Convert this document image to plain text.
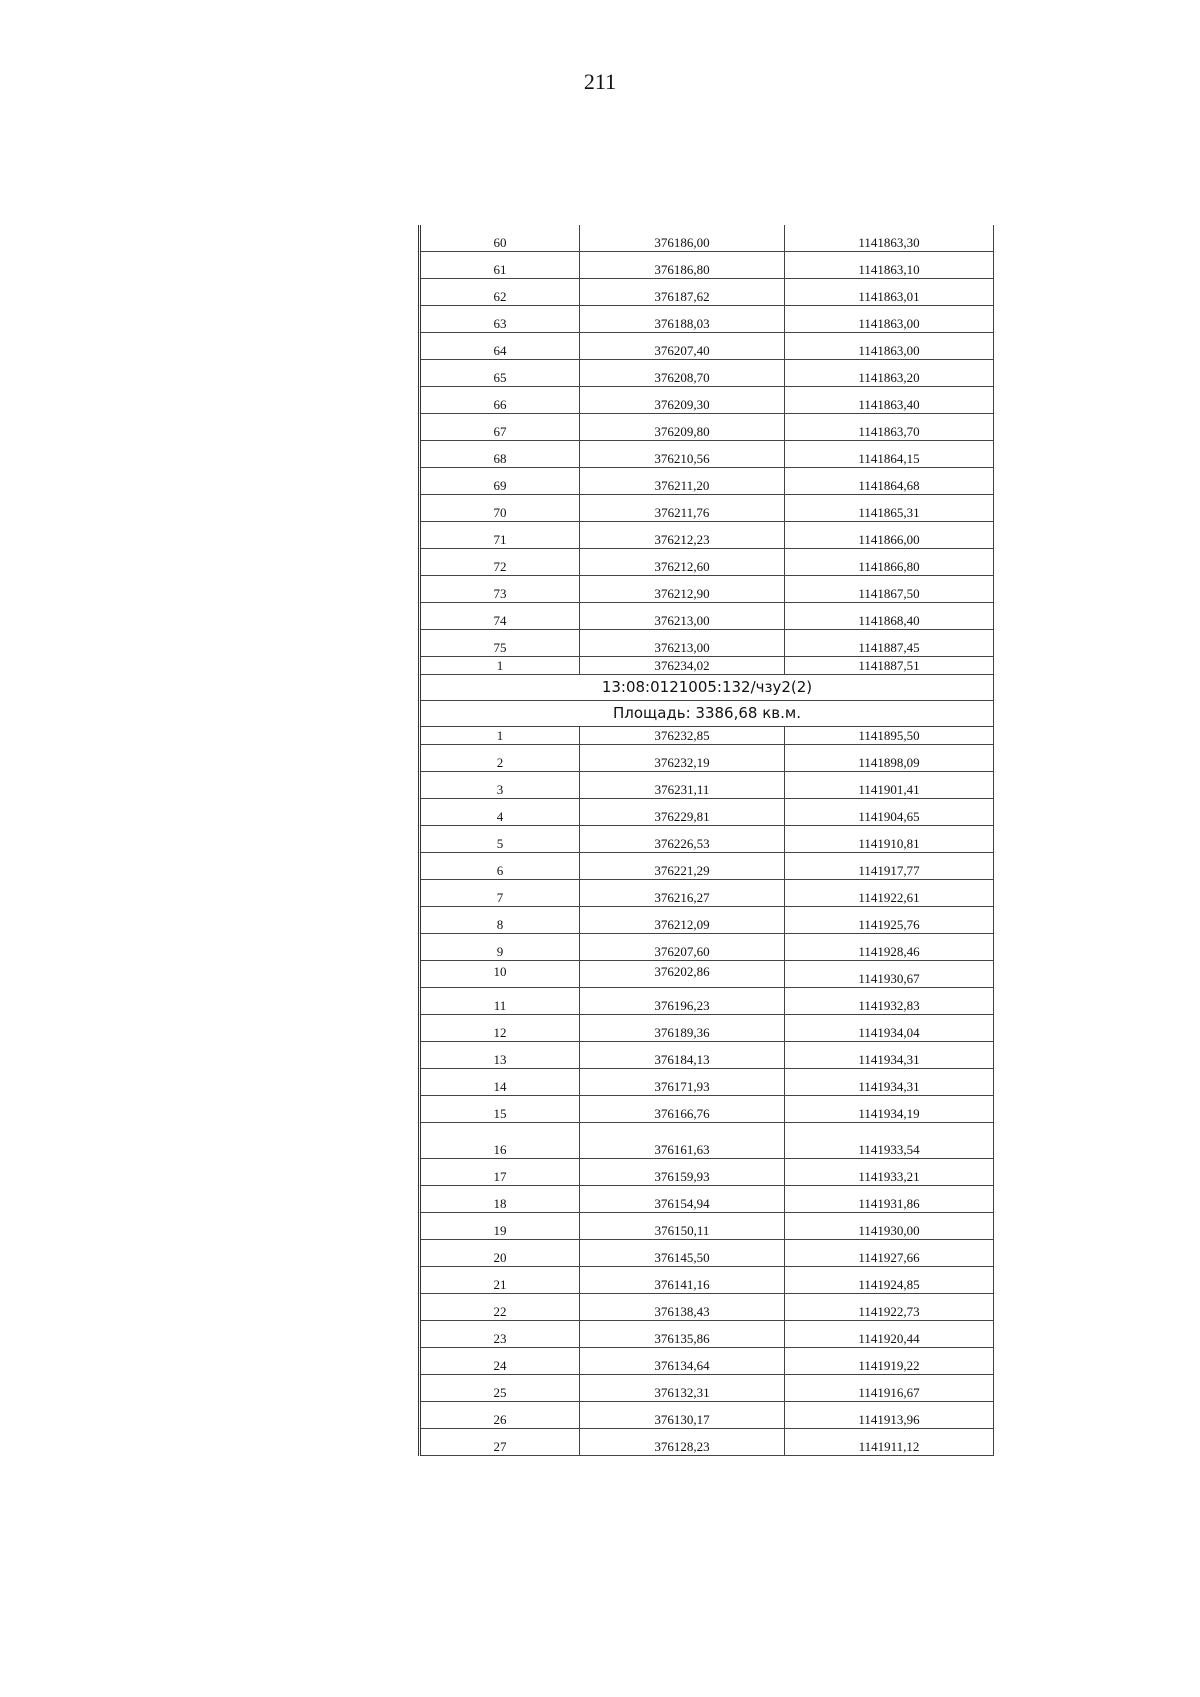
211
60	376186,00	1141863,30
61	376186,80	1141863,10
62	376187,62	1141863,01
63	376188,03	1141863,00
64	376207,40	1141863,00
65	376208,70	1141863,20
66	376209,30	1141863,40
67	376209,80	1141863,70
68	376210,56	1141864,15
69	376211,20	1141864,68
70	376211,76	1141865,31
71	376212,23	1141866,00
72	376212,60	1141866,80
73	376212,90	1141867,50
74	376213,00	1141868,40
75	376213,00	1141887,45
1	376234,02	1141887,51
13:08:0121005:132/чзу2(2)		
Площадь: 3386,68 кв.м.		
1	376232,85	1141895,50
2	376232,19	1141898,09
3	376231,11	1141901,41
4	376229,81	1141904,65
5	376226,53	1141910,81
6	376221,29	1141917,77
7	376216,27	1141922,61
8	376212,09	1141925,76
9	376207,60	1141928,46

10	376202,86	1141930,67
11	376196,23	1141932,83
12	376189,36	1141934,04
13	376184,13	1141934,31
14	376171,93	1141934,31
15	376166,76	1141934,19
16	376161,63	1141933,54
17	376159,93	1141933,21
18	376154,94	1141931,86
19	376150,11	1141930,00
20	376145,50	1141927,66
21	376141,16	1141924,85
22	376138,43	1141922,73
23	376135,86	1141920,44
24	376134,64	1141919,22
25	376132,31	1141916,67
26	376130,17	1141913,96
27	376128,23	1141911,12
